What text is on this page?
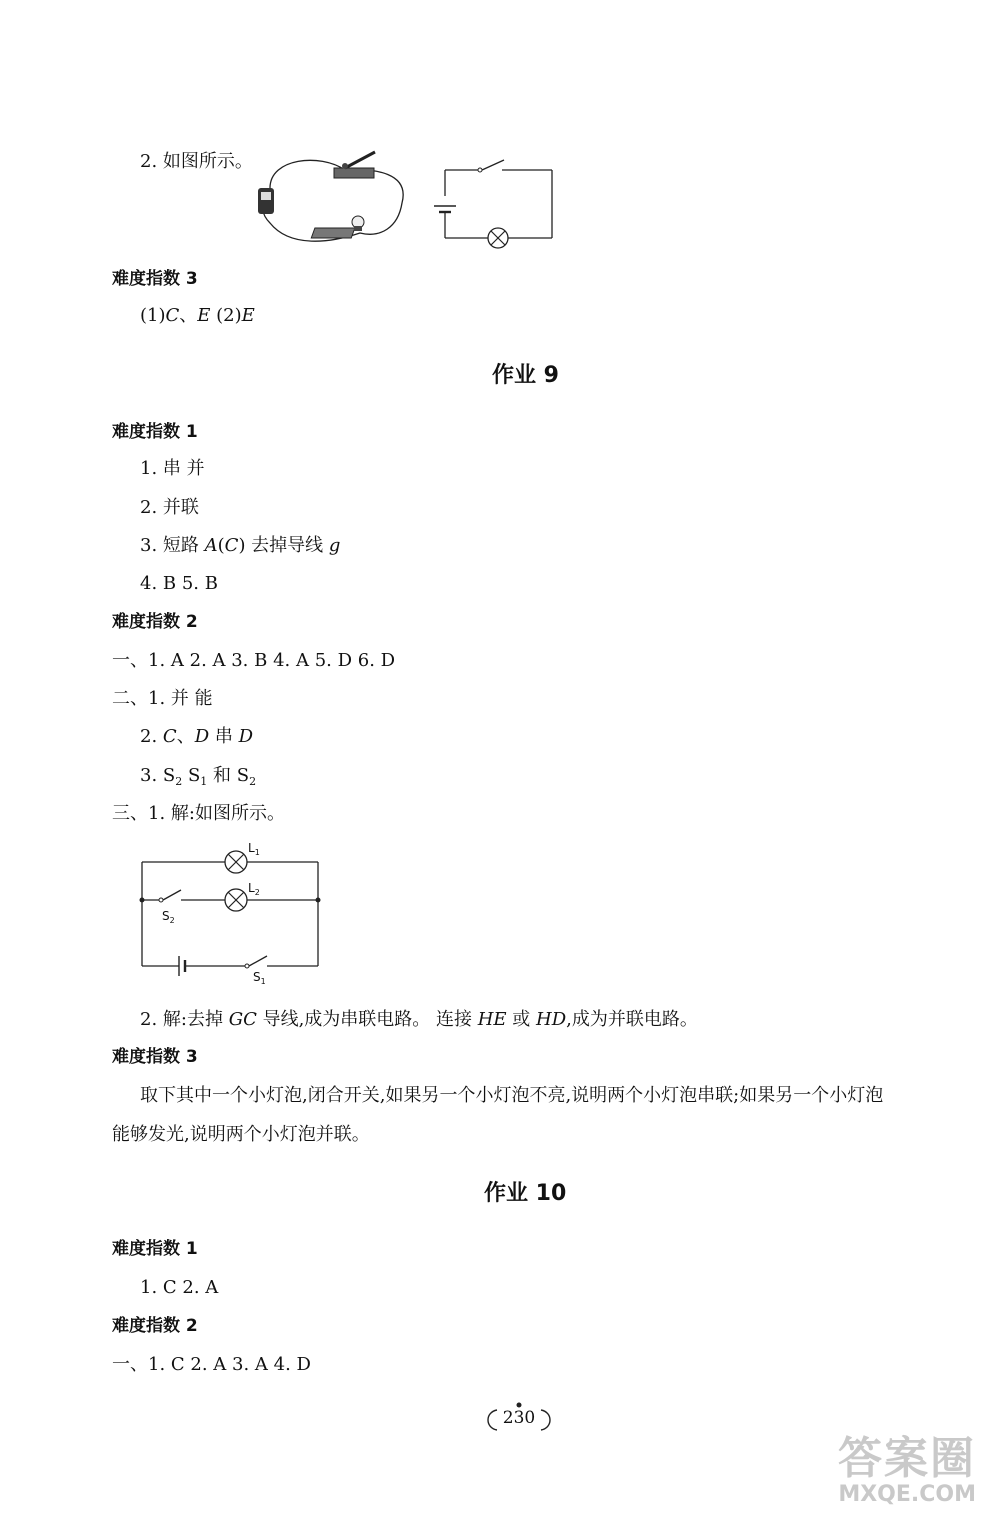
2. 如图所示。
难度指数 3
(1)C、E (2)E
作业 9
难度指数 1
1. 串 并
2. 并联
3. 短路 A(C) 去掉导线 g
4. B 5. B
难度指数 2
一、1. A 2. A 3. B 4. A 5. D 6. D
二、1. 并 能
2. C、D 串 D
3. $S_2$ $S_1$ 和 $S_2$
三、1. 解:如图所示。
$L_1$
$L_2$
$S_2$
$S_1$
2. 解:去掉 GC 导线,成为串联电路。 连接 HE 或 HD,成为并联电路。
难度指数 3
取下其中一个小灯泡,闭合开关,如果另一个小灯泡不亮,说明两个小灯泡串联;如果另一个小灯泡
能够发光,说明两个小灯泡并联。
作业 10
难度指数 1
1. C 2. A
难度指数 2
一、1. C 2. A 3. A 4. D
230
答案圈
MXQE.COM
